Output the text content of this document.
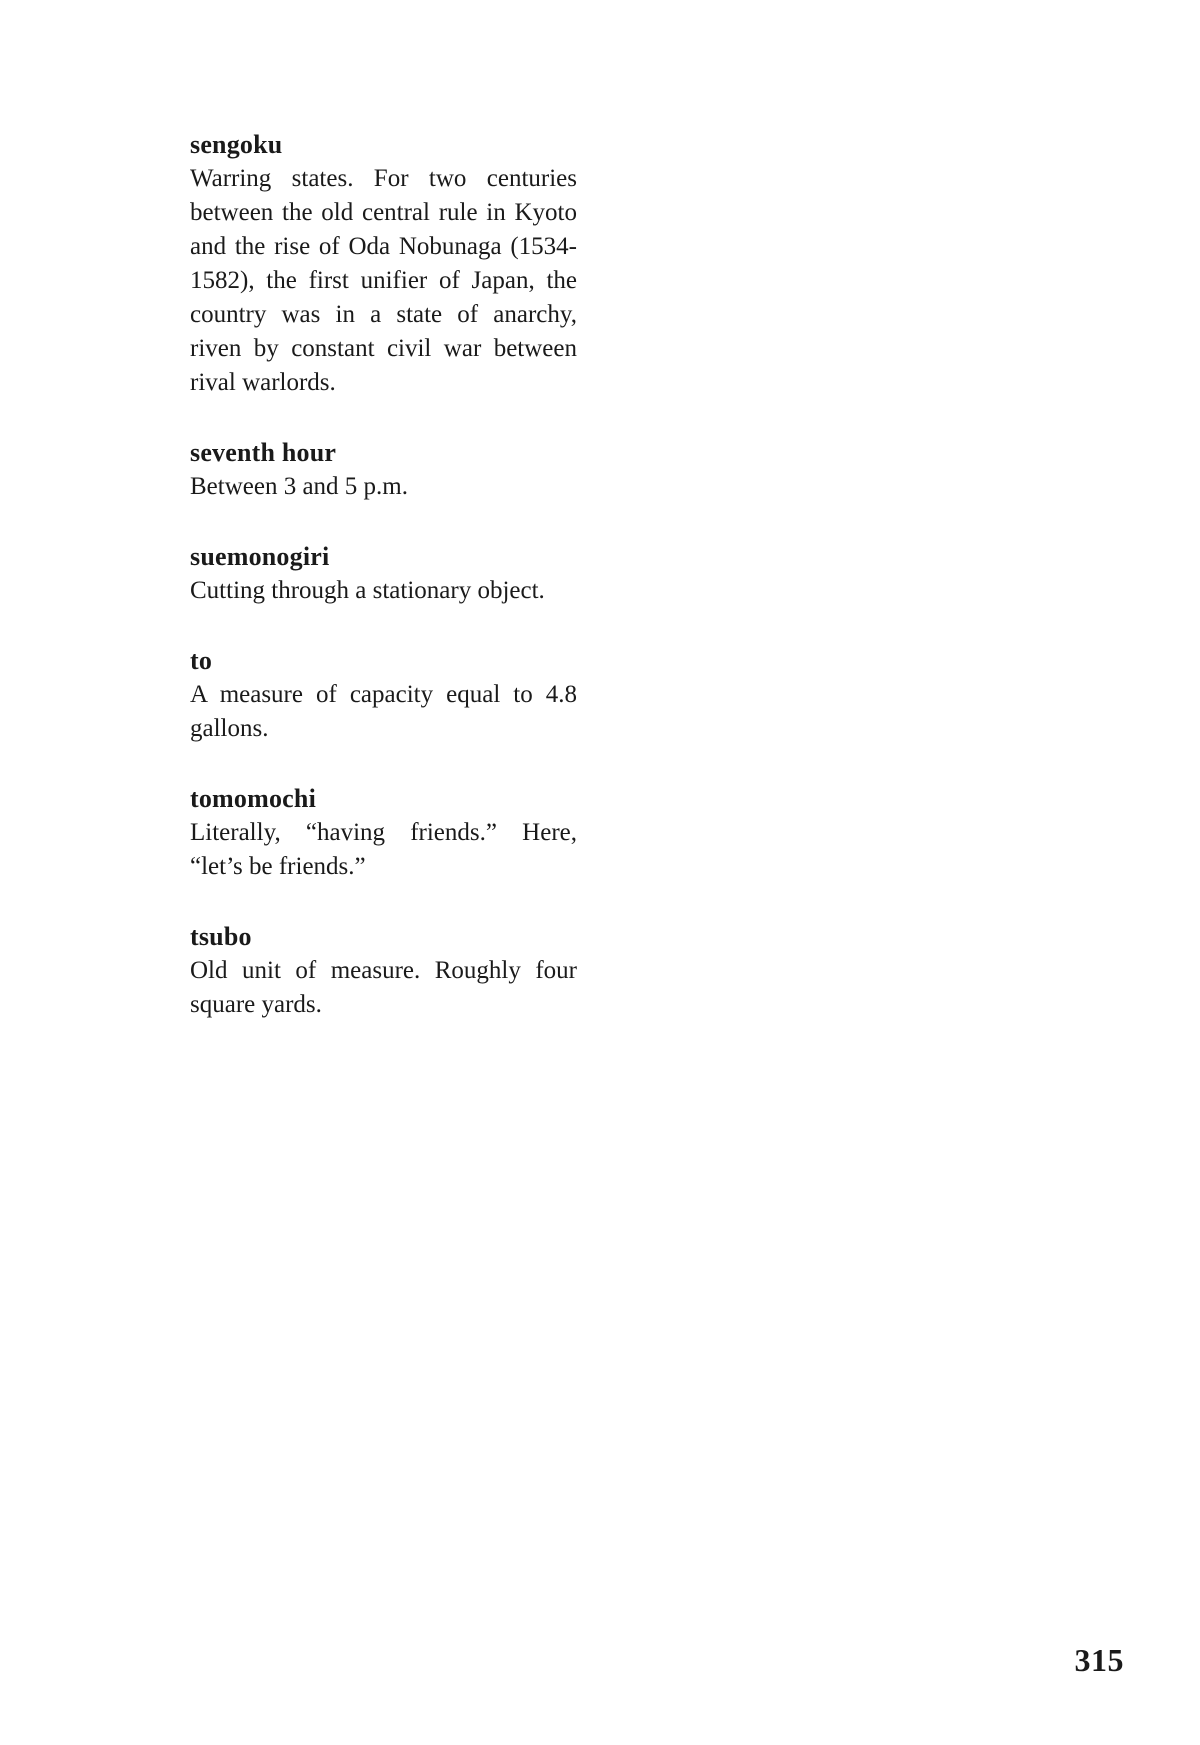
sengoku
Warring states. For two centuries between the old central rule in Kyoto and the rise of Oda Nobunaga (1534-1582), the first unifier of Japan, the country was in a state of anarchy, riven by constant civil war between rival warlords.
seventh hour
Between 3 and 5 p.m.
suemonogiri
Cutting through a stationary object.
to
A measure of capacity equal to 4.8 gallons.
tomomochi
Literally, “having friends.” Here, “let’s be friends.”
tsubo
Old unit of measure. Roughly four square yards.
315
